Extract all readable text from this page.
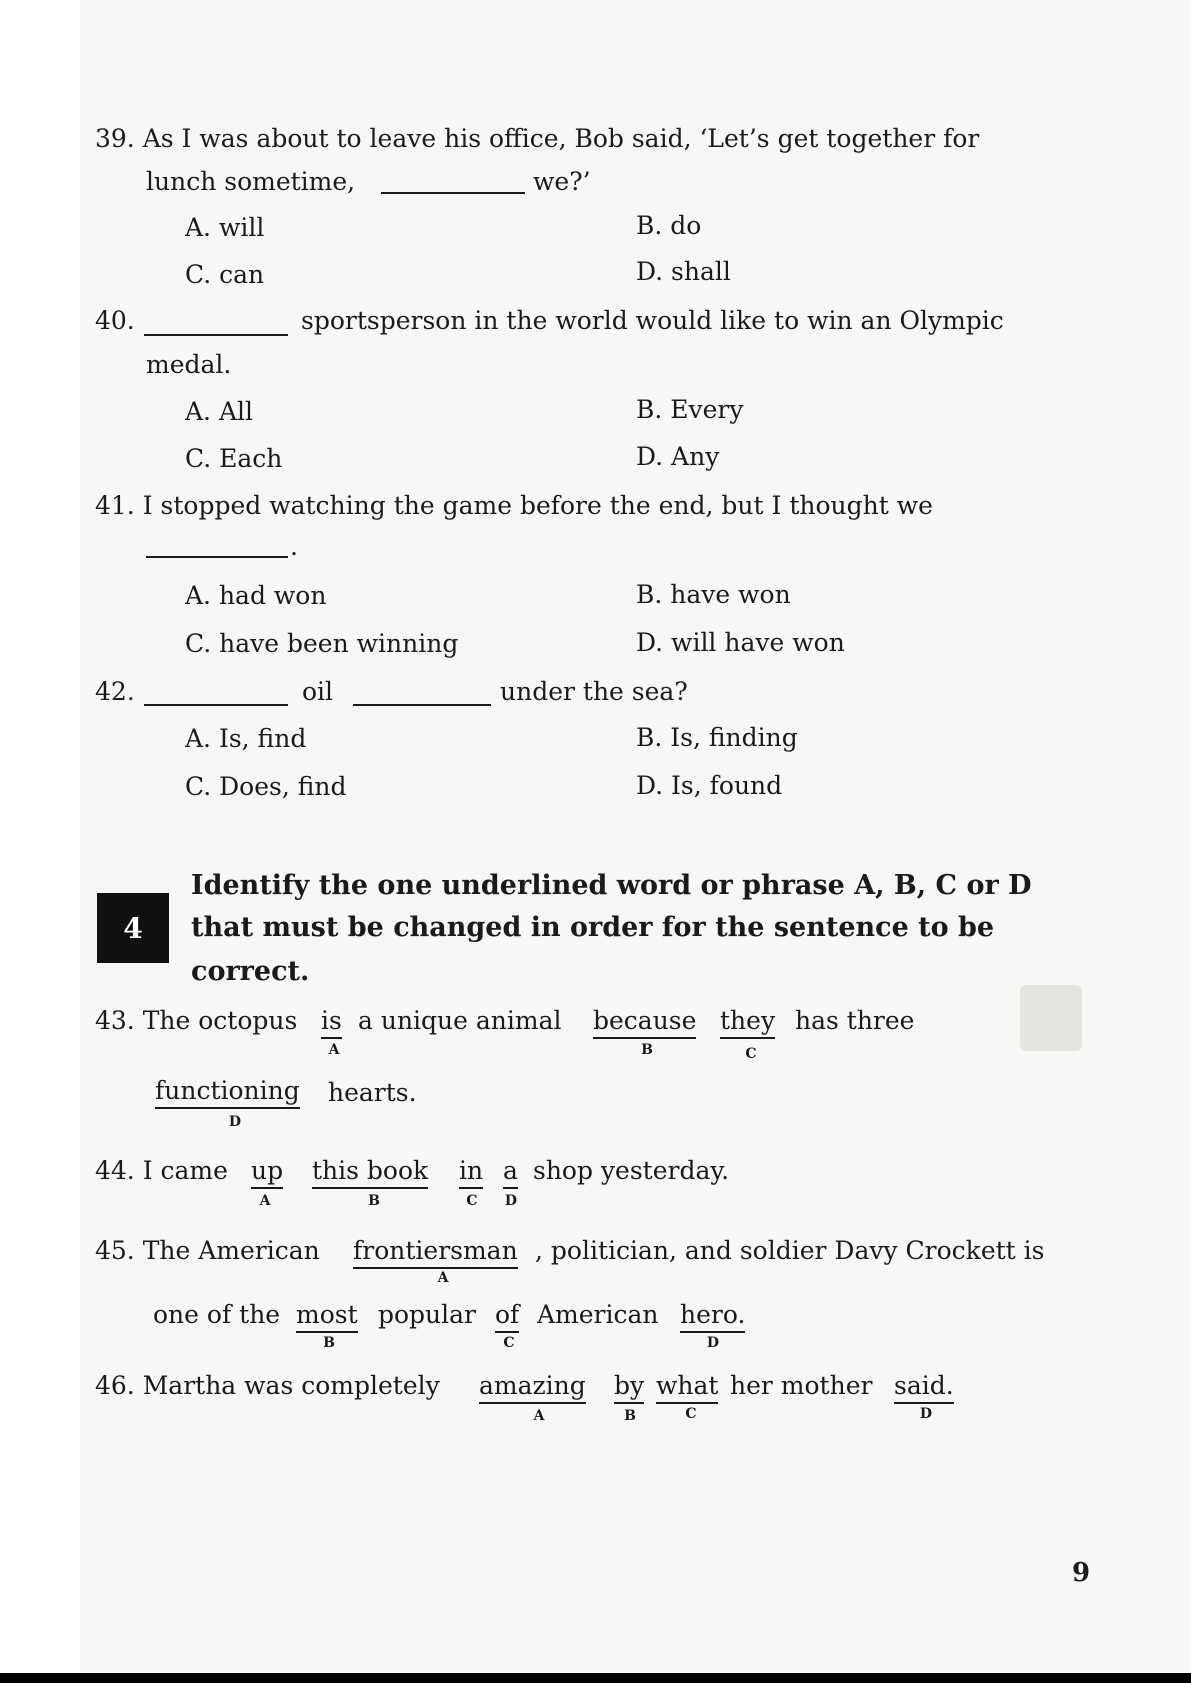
39. As I was about to leave his office, Bob said, ‘Let’s get together for
lunch sometime,	we?’
A. will	B. do
C. can	D. shall
40.	sportsperson in the world would like to win an Olympic
medal.
A. All	B. Every
C. Each	D. Any
41. I stopped watching the game before the end, but I thought we
.
A. had won	B. have won
C. have been winning	D. will have won
42.	oil	under the sea?
A. Is, find	B. Is, finding
C. Does, find	D. Is, found
4
Identify the one underlined word or phrase A, B, C or D
that must be changed in order for the sentence to be
correct.
43. The octopus is
A
a unique animal because
B
they
C
has three
functioning
D
hearts.
44. I came up
A
this book
B
in
C
a
D
shop yesterday.
45. The American frontiersman
A
, politician, and soldier Davy Crockett is
one of the most
B
popular of
C
American hero.
D
46. Martha was completely amazing
A
by
B
what
C
her mother said.
D
9
